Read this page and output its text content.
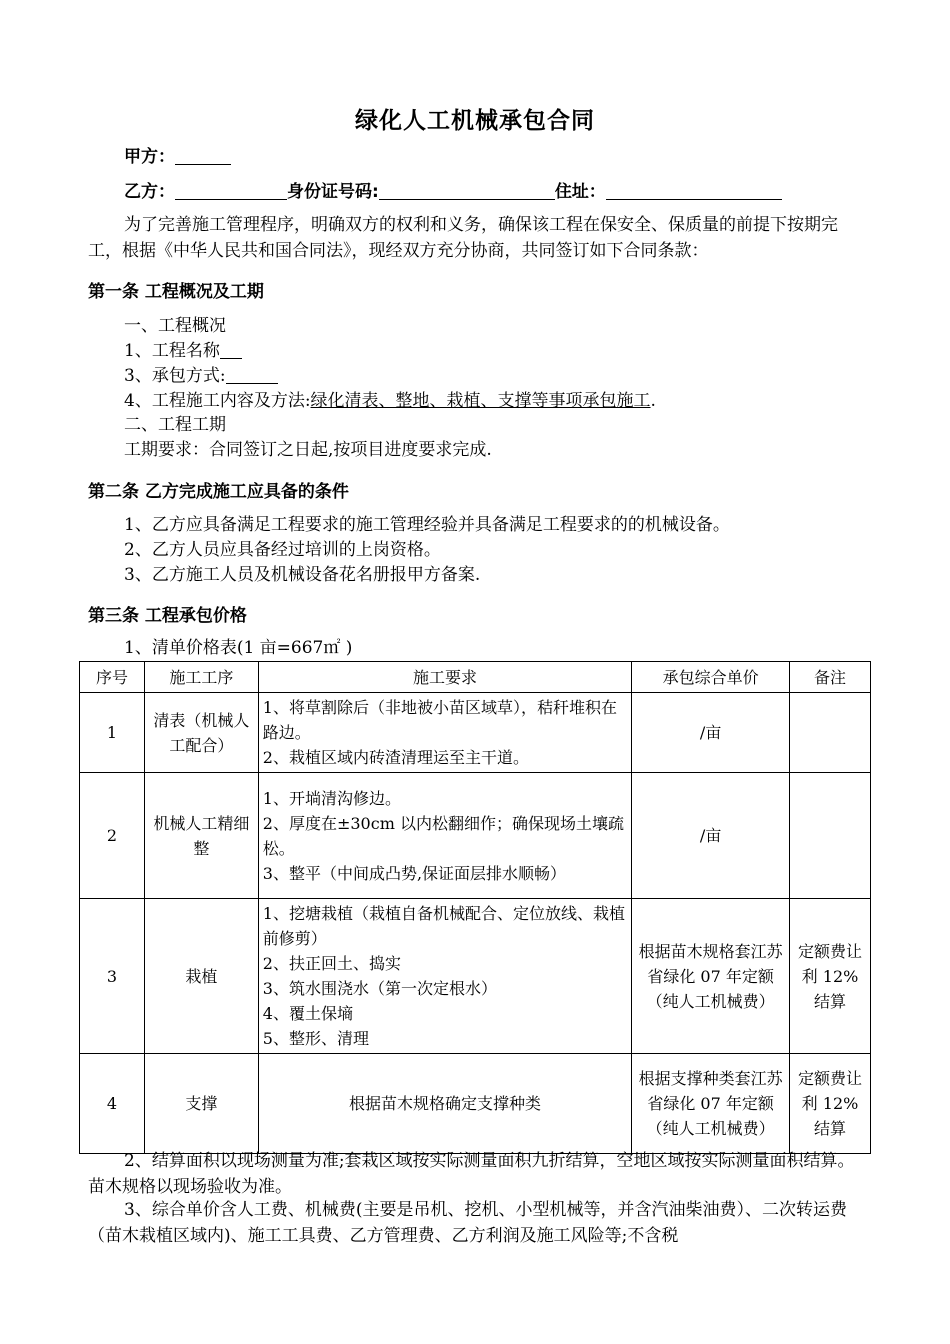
绿化人工机械承包合同
甲方：
乙方：	身份证号码:	住址：
为了完善施工管理程序，明确双方的权利和义务，确保该工程在保安全、保质量的前提下按期完工，根据《中华人民共和国合同法》，现经双方充分协商，共同签订如下合同条款：
第一条 工程概况及工期
一、工程概况
1、工程名称
3、承包方式:
4、工程施工内容及方法:绿化清表、整地、栽植、支撑等事项承包施工.
二、工程工期
工期要求：合同签订之日起,按项目进度要求完成.
第二条 乙方完成施工应具备的条件
1、乙方应具备满足工程要求的施工管理经验并具备满足工程要求的的机械设备。
2、乙方人员应具备经过培训的上岗资格。
3、乙方施工人员及机械设备花名册报甲方备案.
第三条 工程承包价格
1、清单价格表(1 亩=667㎡ )
序号	施工工序	施工要求	承包综合单价	备注
1	清表（机械人工配合）	1、将草割除后（非地被小苗区域草），秸秆堆积在路边。
2、栽植区域内砖渣清理运至主干道。	/亩	
2	机械人工精细整	1、开埫清沟修边。
2、厚度在±30cm 以内松翻细作；确保现场土壤疏松。
3、整平（中间成凸势,保证面层排水顺畅）	/亩	
3	栽植	1、挖塘栽植（栽植自备机械配合、定位放线、栽植前修剪）
2、扶正回土、捣实
3、筑水围浇水（第一次定根水）
4、覆土保墒
5、整形、清理	根据苗木规格套江苏省绿化 07 年定额（纯人工机械费）	定额费让利 12%结算
4	支撑	根据苗木规格确定支撑种类	根据支撑种类套江苏省绿化 07 年定额（纯人工机械费）	定额费让利 12%结算
2、结算面积以现场测量为准;套栽区域按实际测量面积九折结算，空地区域按实际测量面积结算。苗木规格以现场验收为准。
3、综合单价含人工费、机械费(主要是吊机、挖机、小型机械等，并含汽油柴油费）、二次转运费（苗木栽植区域内)、施工工具费、乙方管理费、乙方利润及施工风险等;不含税
